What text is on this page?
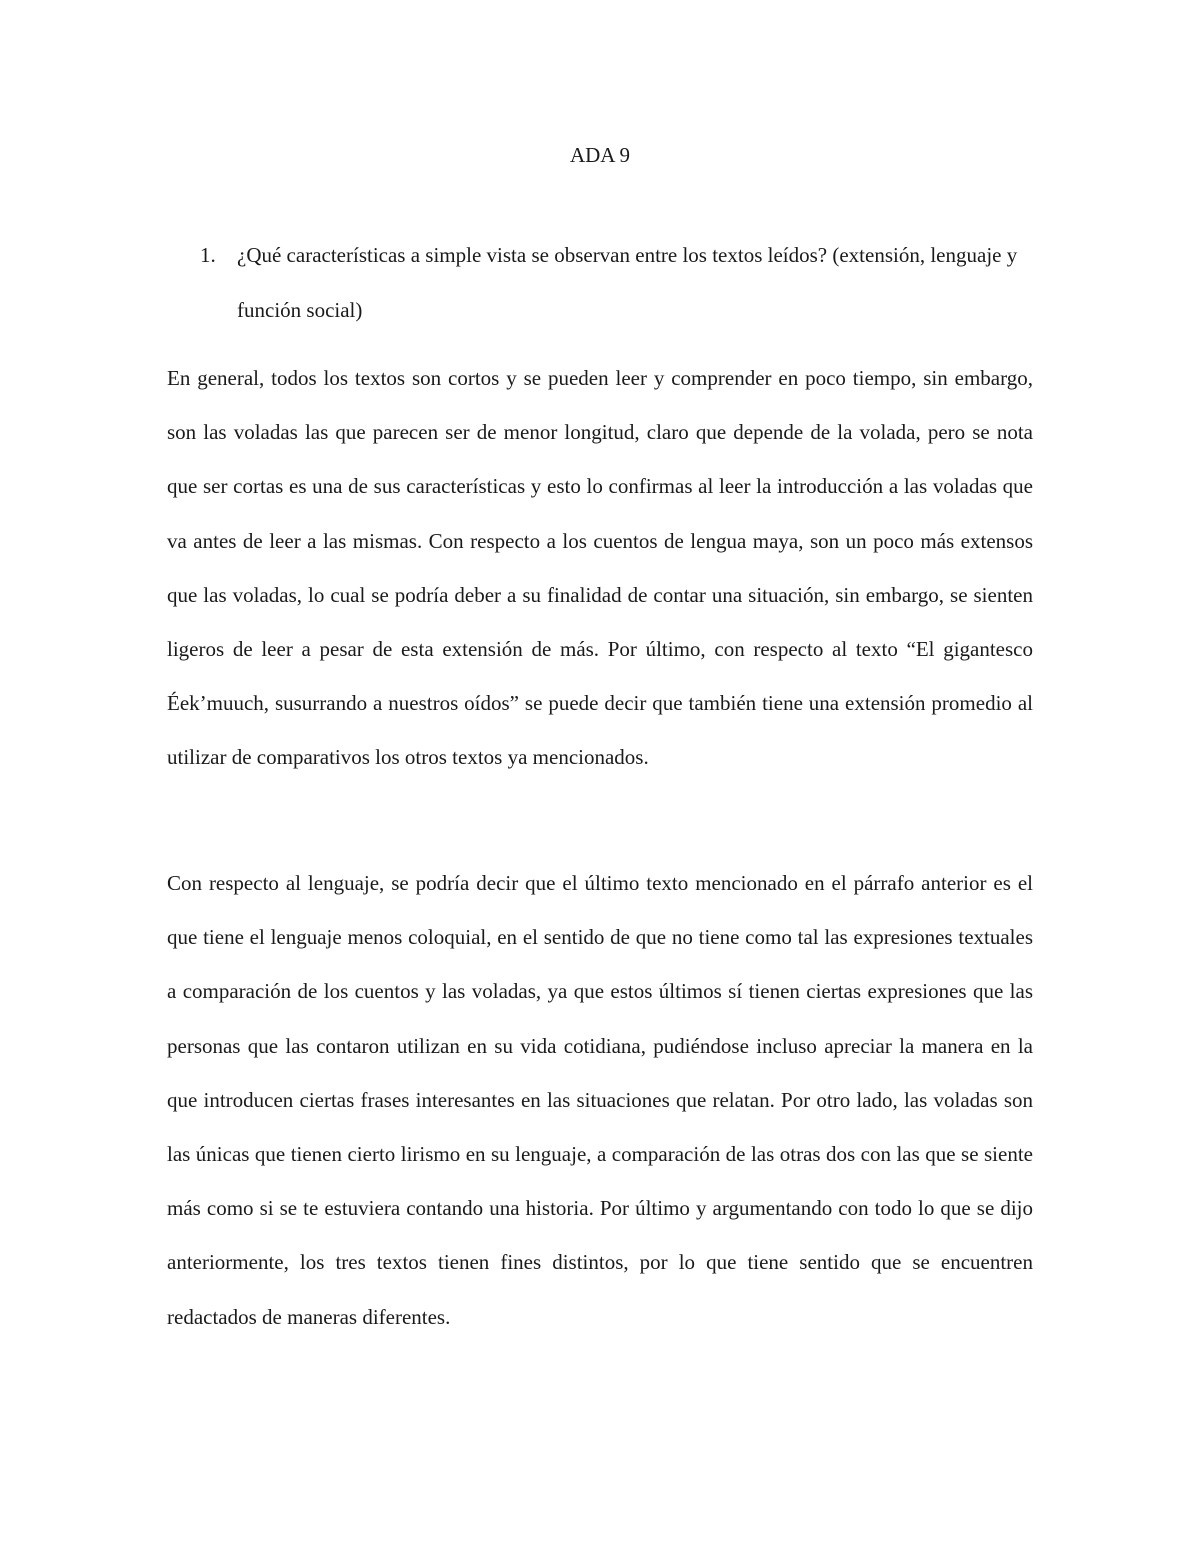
ADA 9
1. ¿Qué características a simple vista se observan entre los textos leídos? (extensión, lenguaje y función social)

En general, todos los textos son cortos y se pueden leer y comprender en poco tiempo, sin embargo, son las voladas las que parecen ser de menor longitud, claro que depende de la volada, pero se nota que ser cortas es una de sus características y esto lo confirmas al leer la introducción a las voladas que va antes de leer a las mismas. Con respecto a los cuentos de lengua maya, son un poco más extensos que las voladas, lo cual se podría deber a su finalidad de contar una situación, sin embargo, se sienten ligeros de leer a pesar de esta extensión de más. Por último, con respecto al texto “El gigantesco Éek’muuch, susurrando a nuestros oídos” se puede decir que también tiene una extensión promedio al utilizar de comparativos los otros textos ya mencionados.

Con respecto al lenguaje, se podría decir que el último texto mencionado en el párrafo anterior es el que tiene el lenguaje menos coloquial, en el sentido de que no tiene como tal las expresiones textuales a comparación de los cuentos y las voladas, ya que estos últimos sí tienen ciertas expresiones que las personas que las contaron utilizan en su vida cotidiana, pudiéndose incluso apreciar la manera en la que introducen ciertas frases interesantes en las situaciones que relatan. Por otro lado, las voladas son las únicas que tienen cierto lirismo en su lenguaje, a comparación de las otras dos con las que se siente más como si se te estuviera contando una historia. Por último y argumentando con todo lo que se dijo anteriormente, los tres textos tienen fines distintos, por lo que tiene sentido que se encuentren redactados de maneras diferentes.
